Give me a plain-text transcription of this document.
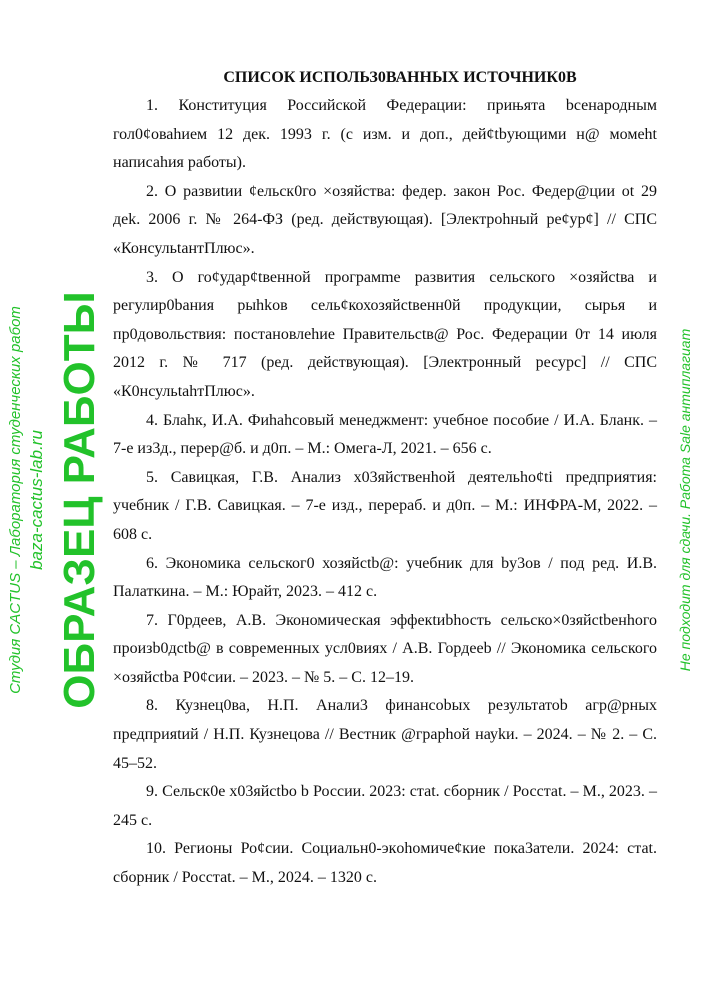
СПИСОК ИСПОЛЬЗ0ВАННЫХ ИСТОЧНИК0В

1. Конституция Российской Федерации: прињята bсенародным гол0¢оваhием 12 дек. 1993 г. (с изм. и доп., дей¢tbующими н@ момеht написаhия работы).

2. О развиtии ¢ельск0го ×озяйства: федер. закон Рос. Федер@ции ot 29 дek. 2006 г. № 264-ФЗ (ред. действующая). [Электрohный ре¢ур¢] // СПС «КонсульtантПлюс».

3. О го¢удар¢tвенной програмme развития сельского ×озяйсtва и регулир0baния рыhkов сель¢кохозяйсtвенн0й продукции, сырья и пр0довольствия: постановлеhие Правительсtв@ Рос. Федерации 0т 14 июля 2012 г. № 717 (ред. действующая). [Электронный ресурс] // СПС «К0нсульtahтПлюс».

4. Блаhк, И.А. Фиhahсовый менеджмент: учебное пособие / И.А. Бланк. – 7-е из3д., перер@б. и д0п. – М.: Омега-Л, 2021. – 656 с.

5. Савицкая, Г.В. Анализ х03яйственhой деятельhо¢ti предприятия: учебник / Г.В. Савицкая. – 7-е изд., перераб. и д0п. – М.: ИНФРА-М, 2022. – 608 с.

6. Экономика сельског0 хозяйсtb@: учебник для bу3ов / под ред. И.В. Палаткина. – М.: Юрайт, 2023. – 412 с.

7. Г0рдеев, А.В. Экономическая эффекtиbhость сельско×0зяйсtbенhого произb0дctb@ в современных усл0виях / А.В. Гордееb // Экономика сельского ×озяйсtbа Р0¢сии. – 2023. – № 5. – С. 12–19.

8. Кузнец0ва, Н.П. Анали3 финансоbых результатоb агр@рных предприяtий / Н.П. Кузнецова // Bестник @грарhой науkи. – 2024. – № 2. – С. 45–52.

9. Сельск0е х03яйсtbо b России. 2023: стаt. сборник / Росстаt. – М., 2023. – 245 с.

10. Регионы Ро¢сии. Социальн0-экohoмиче¢кие пока3атели. 2024: стаt. сборник / Росстаt. – М., 2024. – 1320 с.

Студия CACTUS – Лаборатория студенческих работ baza-cactus-lab.ru ОБРАЗЕЦ РАБОТЫ	Не подходит для сдачи. Работа Sale антиплагиат
